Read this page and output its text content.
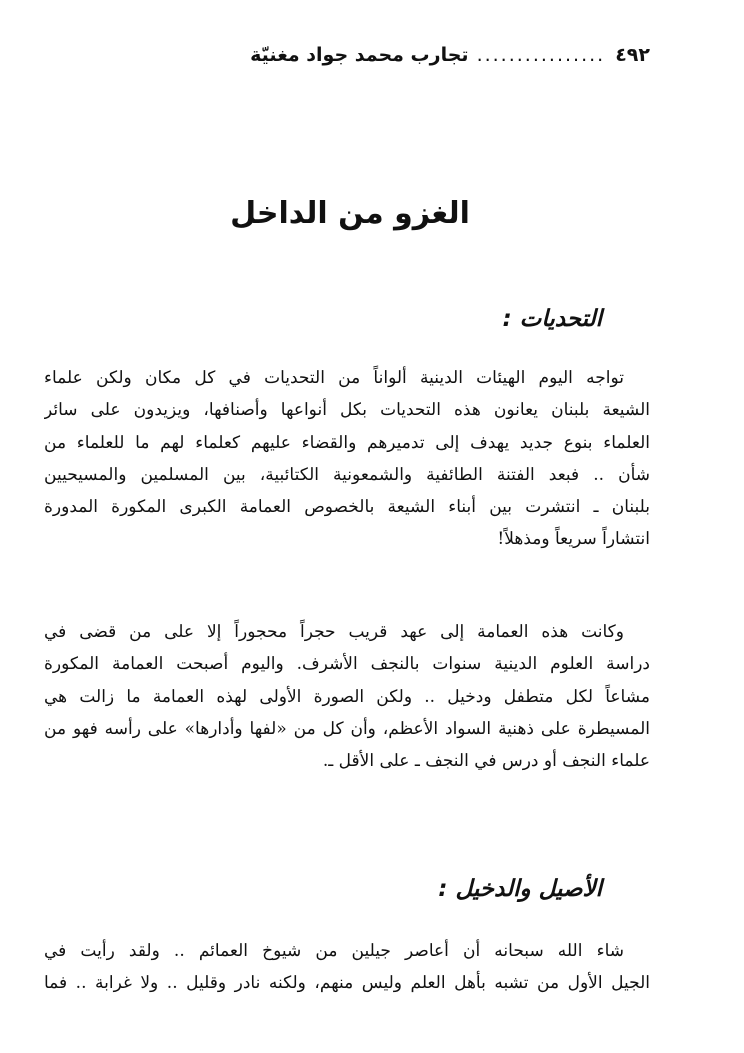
٤٩٢
................
تجارب محمد جواد مغنيّة
الغزو من الداخل
التحديات :
تواجه اليوم الهيئات الدينية ألواناً من التحديات في كل مكان ولكن علماء
الشيعة بلبنان يعانون هذه التحديات بكل أنواعها وأصنافها، ويزيدون على سائر
العلماء بنوع جديد يهدف إلى تدميرهم والقضاء عليهم كعلماء لهم ما للعلماء من
شأن .. فبعد الفتنة الطائفية والشمعونية الكتائبية، بين المسلمين والمسيحيين
بلبنان ـ انتشرت بين أبناء الشيعة بالخصوص العمامة الكبرى المكورة المدورة
انتشاراً سريعاً ومذهلاً!
وكانت هذه العمامة إلى عهد قريب حجراً محجوراً إلا على من قضى في
دراسة العلوم الدينية سنوات بالنجف الأشرف. واليوم أصبحت العمامة المكورة
مشاعاً لكل متطفل ودخيل .. ولكن الصورة الأولى لهذه العمامة ما زالت هي
المسيطرة على ذهنية السواد الأعظم، وأن كل من «لفها وأدارها» على رأسه فهو من
علماء النجف أو درس في النجف ـ على الأقل ـ.
الأصيل والدخيل :
شاء الله سبحانه أن أعاصر جيلين من شيوخ العمائم .. ولقد رأيت في
الجيل الأول من تشبه بأهل العلم وليس منهم، ولكنه نادر وقليل .. ولا غرابة .. فما
